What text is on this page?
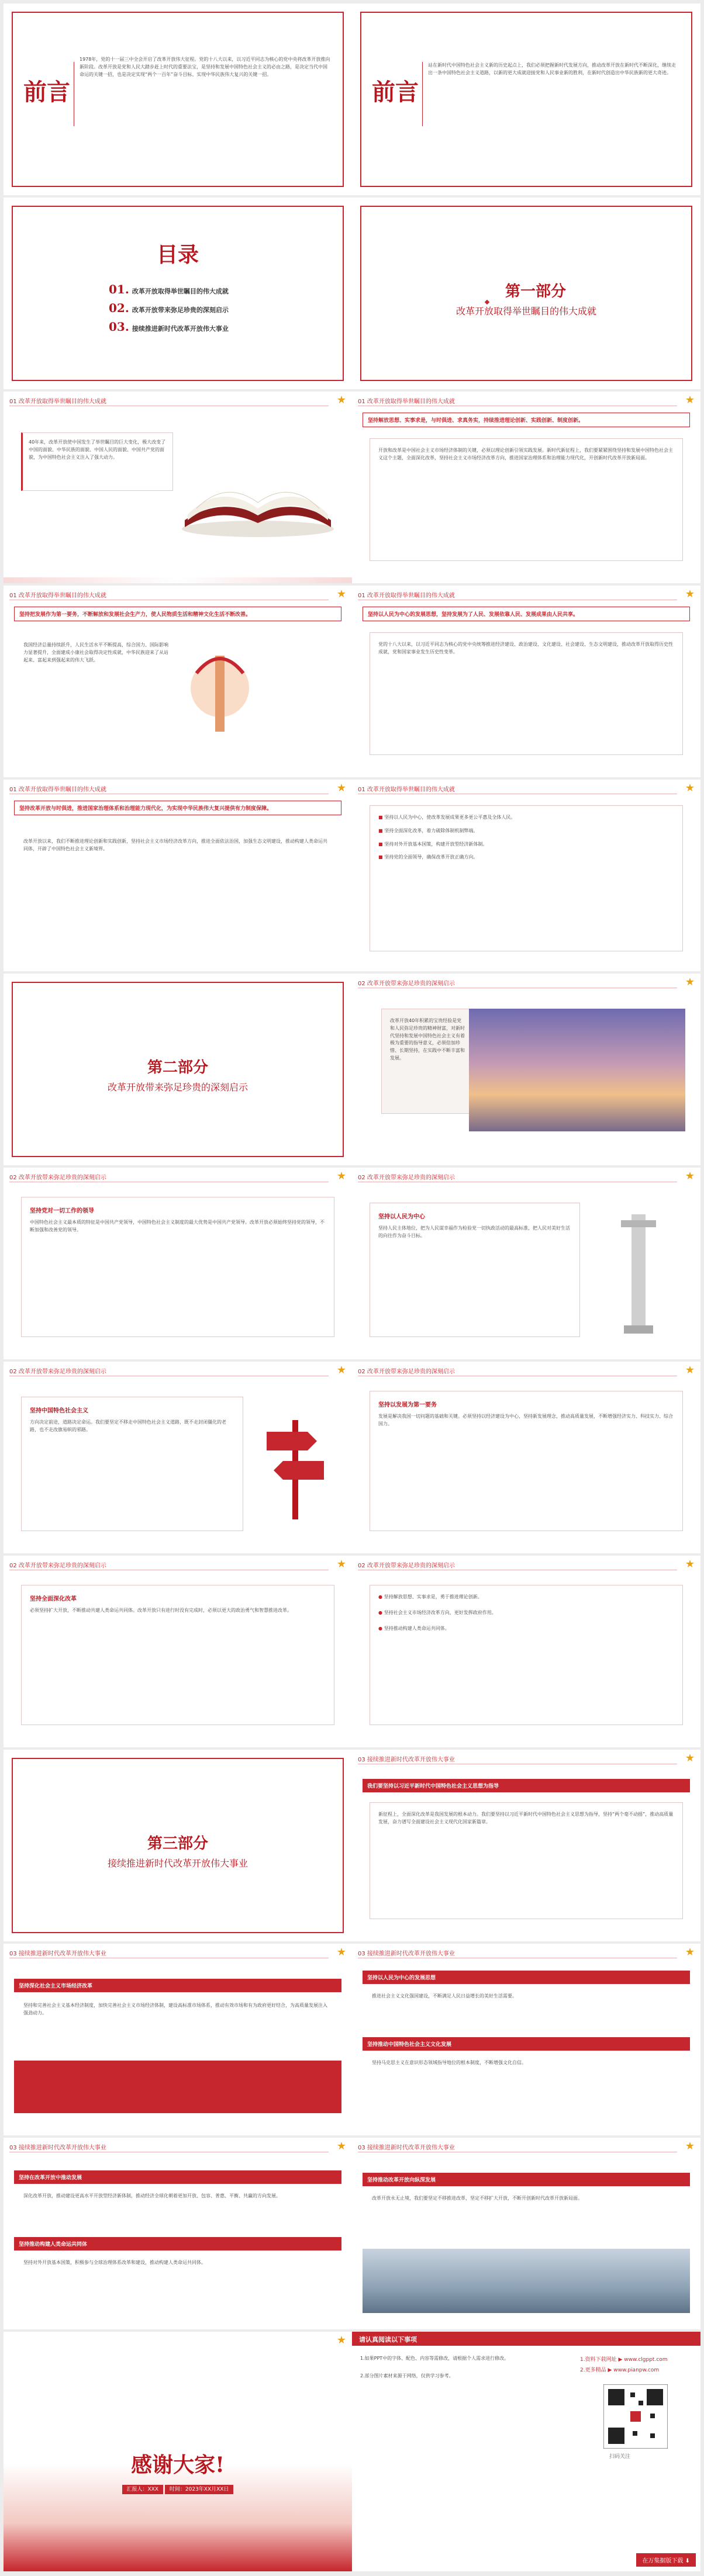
前言
1978年，党的十一届三中全会开启了改革开放伟大征程。党的十八大以来，以习近平同志为核心的党中央将改革开放推向新阶段。改革开放是党和人民大踏步赶上时代的重要法宝，是坚持和发展中国特色社会主义的必由之路，是决定当代中国命运的关键一招，也是决定实现“两个一百年”奋斗目标、实现中华民族伟大复兴的关键一招。
前言
站在新时代中国特色社会主义新的历史起点上，我们必须把握新时代发展方向，推动改革开放在新时代不断深化，继续走出一条中国特色社会主义道路，以新的更大成就迎接党和人民事业新的胜利，在新时代创造出中华民族新的更大奇迹。
目录
01. 改革开放取得举世瞩目的伟大成就
02. 改革开放带来弥足珍贵的深刻启示
03. 接续推进新时代改革开放伟大事业
第一部分
改革开放取得举世瞩目的伟大成就
01 改革开放取得举世瞩目的伟大成就	★
40年来，改革开放使中国发生了举世瞩目的巨大变化，极大改变了中国的面貌、中华民族的面貌、中国人民的面貌、中国共产党的面貌，为中国特色社会主义注入了强大动力。
01 改革开放取得举世瞩目的伟大成就	★
坚持解放思想、实事求是，与时俱进、求真务实，持续推进理论创新、实践创新、制度创新。
开放和改革是中国社会主义市场经济体制的关键，必须以理论创新引领实践发展。新时代新征程上，我们要紧紧围绕坚持和发展中国特色社会主义这个主题，全面深化改革，坚持社会主义市场经济改革方向，推进国家治理体系和治理能力现代化，开创新时代改革开放新局面。
01 改革开放取得举世瞩目的伟大成就	★
坚持把发展作为第一要务，不断解放和发展社会生产力，使人民物质生活和精神文化生活不断改善。
我国经济总量持续跃升，人民生活水平不断提高，综合国力、国际影响力显著提升，全面建成小康社会取得决定性成就，中华民族迎来了从站起来、富起来到强起来的伟大飞跃。
01 改革开放取得举世瞩目的伟大成就	★
坚持以人民为中心的发展思想，坚持发展为了人民、发展依靠人民、发展成果由人民共享。
党的十八大以来，以习近平同志为核心的党中央统筹推进经济建设、政治建设、文化建设、社会建设、生态文明建设，推动改革开放取得历史性成就，党和国家事业发生历史性变革。
01 改革开放取得举世瞩目的伟大成就	★
坚持改革开放与时俱进，推进国家治理体系和治理能力现代化，为实现中华民族伟大复兴提供有力制度保障。
改革开放以来，我们不断推进理论创新和实践创新，坚持社会主义市场经济改革方向，推进全面依法治国，加强生态文明建设，推动构建人类命运共同体，开辟了中国特色社会主义新境界。
01 改革开放取得举世瞩目的伟大成就	★
■ 坚持以人民为中心，使改革发展成果更多更公平惠及全体人民。
■ 坚持全面深化改革，着力破除体制机制弊端。
■ 坚持对外开放基本国策，构建开放型经济新体制。
■ 坚持党的全面领导，确保改革开放正确方向。
第二部分
改革开放带来弥足珍贵的深刻启示
02 改革开放带来弥足珍贵的深刻启示	★
改革开放40年积累的宝贵经验是党和人民弥足珍贵的精神财富，对新时代坚持和发展中国特色社会主义有着极为重要的指导意义，必须倍加珍惜、长期坚持，在实践中不断丰富和发展。
02 改革开放带来弥足珍贵的深刻启示	★
坚持党对一切工作的领导
中国特色社会主义最本质的特征是中国共产党领导，中国特色社会主义制度的最大优势是中国共产党领导。改革开放必须始终坚持党的领导，不断加强和改善党的领导。
02 改革开放带来弥足珍贵的深刻启示	★
坚持以人民为中心
坚持人民主体地位，把为人民谋幸福作为检验党一切执政活动的最高标准，把人民对美好生活的向往作为奋斗目标。
02 改革开放带来弥足珍贵的深刻启示	★
坚持中国特色社会主义
方向决定前途，道路决定命运。我们要坚定不移走中国特色社会主义道路，既不走封闭僵化的老路，也不走改旗易帜的邪路。
02 改革开放带来弥足珍贵的深刻启示	★
坚持以发展为第一要务
发展是解决我国一切问题的基础和关键。必须坚持以经济建设为中心，坚持新发展理念，推动高质量发展，不断增强经济实力、科技实力、综合国力。
02 改革开放带来弥足珍贵的深刻启示	★
坚持全面深化改革
必须坚持扩大开放，不断推动共建人类命运共同体。改革开放只有进行时没有完成时，必须以更大的政治勇气和智慧推进改革。
02 改革开放带来弥足珍贵的深刻启示	★
● 坚持解放思想、实事求是，勇于推进理论创新。
● 坚持社会主义市场经济改革方向，更好发挥政府作用。
● 坚持推动构建人类命运共同体。
第三部分
接续推进新时代改革开放伟大事业
03 接续推进新时代改革开放伟大事业	★
我们要坚持以习近平新时代中国特色社会主义思想为指导
新征程上，全面深化改革是我国发展的根本动力。我们要坚持以习近平新时代中国特色社会主义思想为指导，坚持“两个毫不动摇”，推动高质量发展，奋力谱写全面建设社会主义现代化国家新篇章。
03 接续推进新时代改革开放伟大事业	★
坚持深化社会主义市场经济改革
坚持和完善社会主义基本经济制度，加快完善社会主义市场经济体制，建设高标准市场体系，推动有效市场和有为政府更好结合，为高质量发展注入强劲动力。
03 接续推进新时代改革开放伟大事业	★
坚持以人民为中心的发展思想
推进社会主义文化强国建设，不断满足人民日益增长的美好生活需要。
坚持推动中国特色社会主义文化发展
坚持马克思主义在意识形态领域指导地位的根本制度，不断增强文化自信。
03 接续推进新时代改革开放伟大事业	★
坚持在改革开放中推动发展
深化改革开放，推动建设更高水平开放型经济新体制，推动经济全球化朝着更加开放、包容、普惠、平衡、共赢的方向发展。
坚持推动构建人类命运共同体
坚持对外开放基本国策，积极参与全球治理体系改革和建设，推动构建人类命运共同体。
03 接续推进新时代改革开放伟大事业	★
坚持推动改革开放向纵深发展
改革开放永无止境，我们要坚定不移推进改革，坚定不移扩大开放，不断开创新时代改革开放新局面。
★
感谢大家!
汇报人：XXX 时间：2023年XX月XX日
请认真阅读以下事项
1.如果PPT中的字体、配色、内容等需修改，请根据个人需求进行修改。
2.部分图片素材来源于网络，仅供学习参考。
1.资料下载网址 ▶ www.clgppt.com
2.更多精品 ▶ www.pianpw.com
扫码关注
在万集据版下载 ⬇
